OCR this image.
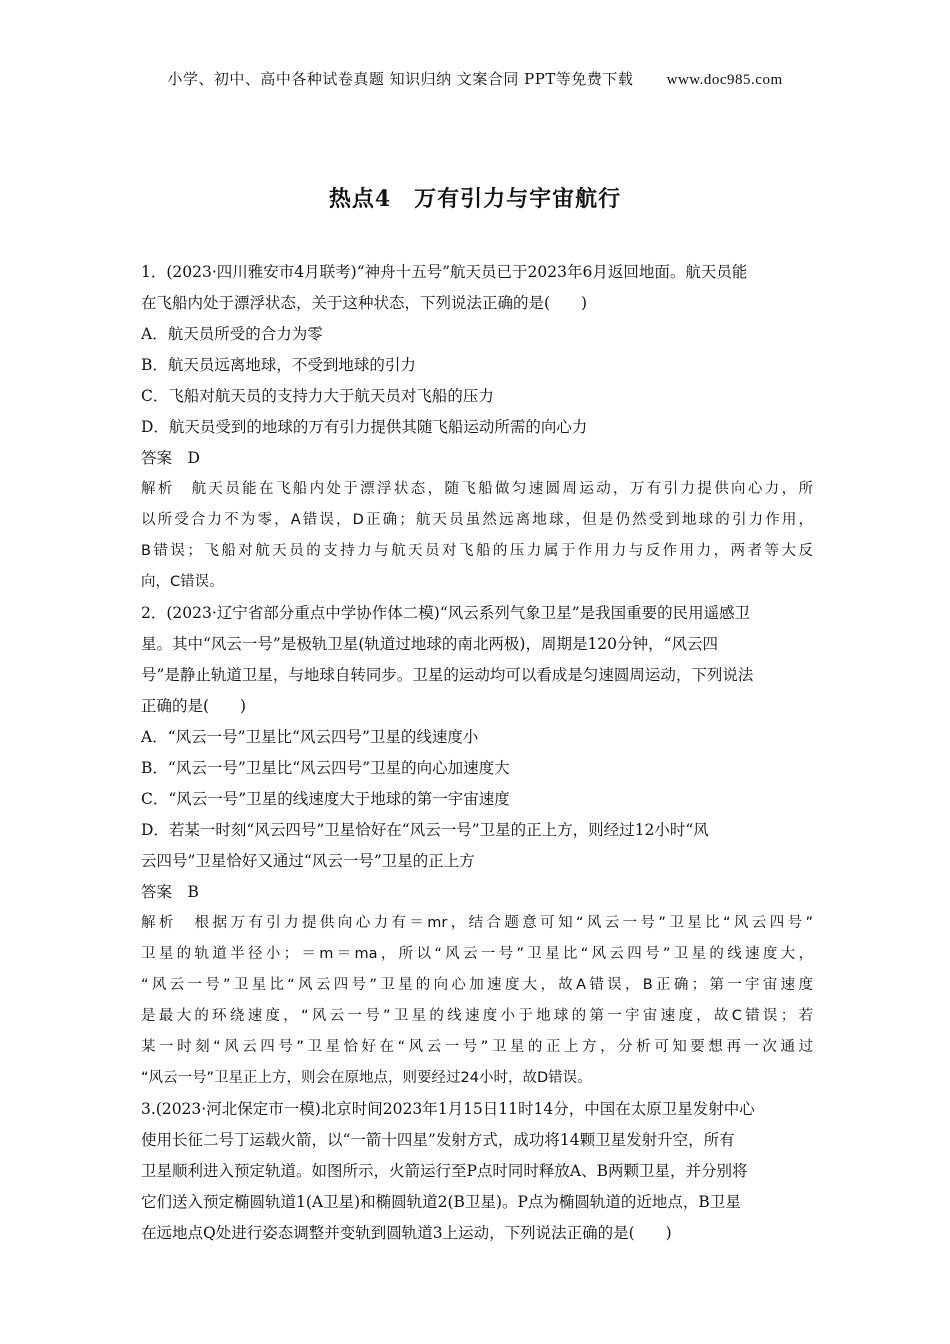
小学、初中、高中各种试卷真题 知识归纳 文案合同 PPT等免费下载 www.doc985.com
热点4　万有引力与宇宙航行
1．(2023·四川雅安市4月联考)“神舟十五号”航天员已于2023年6月返回地面。航天员能
在飞船内处于漂浮状态，关于这种状态，下列说法正确的是(　　)
A．航天员所受的合力为零
B．航天员远离地球，不受到地球的引力
C．飞船对航天员的支持力大于航天员对飞船的压力
D．航天员受到的地球的万有引力提供其随飞船运动所需的向心力
答案　D
解析　航天员能在飞船内处于漂浮状态，随飞船做匀速圆周运动，万有引力提供向心力，所
以所受合力不为零，A错误，D正确；航天员虽然远离地球，但是仍然受到地球的引力作用，
B错误；飞船对航天员的支持力与航天员对飞船的压力属于作用力与反作用力，两者等大反
向，C错误。
2．(2023·辽宁省部分重点中学协作体二模)“风云系列气象卫星”是我国重要的民用遥感卫
星。其中“风云一号”是极轨卫星(轨道过地球的南北两极)，周期是120分钟，“风云四
号”是静止轨道卫星，与地球自转同步。卫星的运动均可以看成是匀速圆周运动，下列说法
正确的是(　　)
A．“风云一号”卫星比“风云四号”卫星的线速度小
B．“风云一号”卫星比“风云四号”卫星的向心加速度大
C．“风云一号”卫星的线速度大于地球的第一宇宙速度
D．若某一时刻“风云四号”卫星恰好在“风云一号”卫星的正上方，则经过12小时“风
云四号”卫星恰好又通过“风云一号”卫星的正上方
答案　B
解析　根据万有引力提供向心力有＝mr，结合题意可知“风云一号”卫星比“风云四号”
卫星的轨道半径小；＝m＝ma，所以“风云一号”卫星比“风云四号”卫星的线速度大，
“风云一号”卫星比“风云四号”卫星的向心加速度大，故A错误，B正确；第一宇宙速度
是最大的环绕速度，“风云一号”卫星的线速度小于地球的第一宇宙速度，故C错误；若
某一时刻“风云四号”卫星恰好在“风云一号”卫星的正上方，分析可知要想再一次通过
“风云一号”卫星正上方，则会在原地点，则要经过24小时，故D错误。
3.(2023·河北保定市一模)北京时间2023年1月15日11时14分，中国在太原卫星发射中心
使用长征二号丁运载火箭，以“一箭十四星”发射方式，成功将14颗卫星发射升空，所有
卫星顺利进入预定轨道。如图所示，火箭运行至P点时同时释放A、B两颗卫星，并分别将
它们送入预定椭圆轨道1(A卫星)和椭圆轨道2(B卫星)。P点为椭圆轨道的近地点，B卫星
在远地点Q处进行姿态调整并变轨到圆轨道3上运动，下列说法正确的是(　　)
